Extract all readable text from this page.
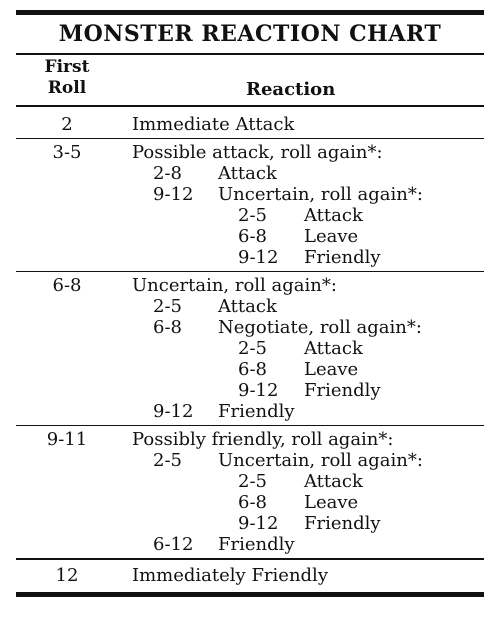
MONSTER REACTION CHART
First
Roll	Reaction
2	Immediate Attack
3-5	Possible attack, roll again*:
2-8 Attack
9-12 Uncertain, roll again*:
2-5 Attack
6-8 Leave
9-12 Friendly
6-8	Uncertain, roll again*:
2-5 Attack
6-8 Negotiate, roll again*:
2-5 Attack
6-8 Leave
9-12 Friendly
9-12 Friendly
9-11	Possibly friendly, roll again*:
2-5 Uncertain, roll again*:
2-5 Attack
6-8 Leave
9-12 Friendly
6-12 Friendly
12	Immediately Friendly
